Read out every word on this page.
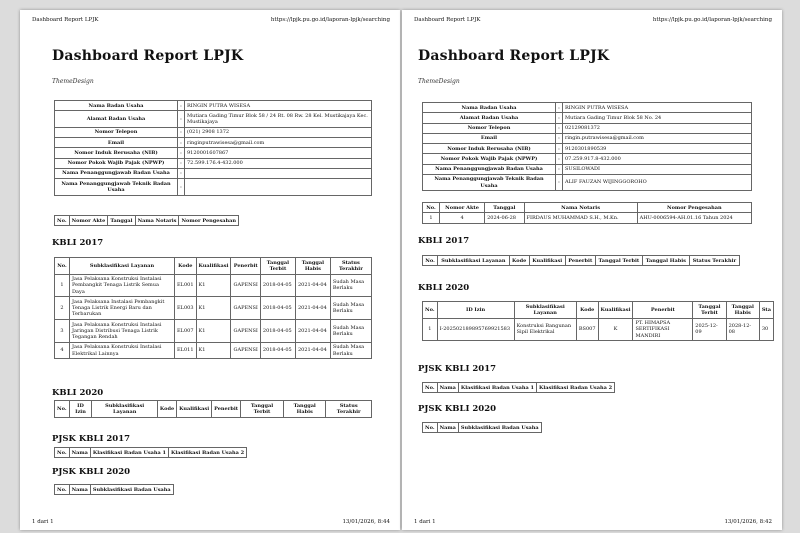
Dashboard Report LPJK	https://lpjk.pu.go.id/laporan-lpjk/searching
Dashboard Report LPJK
ThemeDesign
Nama Badan Usaha	:	RINGIN PUTRA WISESA
Alamat Badan Usaha	:	Mutiara Gading Timur Blok 58 / 24 Rt. 08 Rw. 28 Kel. Mustikajaya Kec. Mustikajaya
Nomor Telepon	:	(021) 2908 1372
Email	:	ringinputrawisesa@gmail.com
Nomor Induk Berusaha (NIB)	:	9120001607867
Nomor Pokok Wajib Pajak (NPWP)	:	72.599.176.4-432.000
Nama Penanggungjawab Badan Usaha	:	
Nama Penanggungjawab Teknik Badan Usaha	:	
No.	Nomor Akte	Tanggal	Nama Notaris	Nomor Pengesahan
KBLI 2017
No.	Subklasifikasi Layanan	Kode	Kualifikasi	Penerbit	Tanggal Terbit	Tanggal Habis	Status Terakhir
1	Jasa Pelaksana Konstruksi Instalasi Pembangkit Tenaga Listrik Semua Daya	EL001	K1	GAPENSI	2018-04-05	2021-04-04	Sudah Masa Berlaku
2	Jasa Pelaksana Instalasi Pembangkit Tenaga Listrik Energi Baru dan Terbarukan	EL003	K1	GAPENSI	2018-04-05	2021-04-04	Sudah Masa Berlaku
3	Jasa Pelaksana Konstruksi Instalasi Jaringan Distribusi Tenaga Listrik Tegangan Rendah	EL007	K1	GAPENSI	2018-04-05	2021-04-04	Sudah Masa Berlaku
4	Jasa Pelaksana Konstruksi Instalasi Elektrikal Lainnya	EL011	K1	GAPENSI	2018-04-05	2021-04-04	Sudah Masa Berlaku
KBLI 2020
No.	ID Izin	Subklasifikasi Layanan	Kode	Kualifikasi	Penerbit	Tanggal Terbit	Tanggal Habis	Status Terakhir
PJSK KBLI 2017
No.	Nama	Klasifikasi Badan Usaha 1	Klasifikasi Badan Usaha 2
PJSK KBLI 2020
No.	Nama	Subklasifikasi Badan Usaha
1 dari 1	13/01/2026, 8:44
Dashboard Report LPJK	https://lpjk.pu.go.id/laporan-lpjk/searching
Dashboard Report LPJK
ThemeDesign
Nama Badan Usaha	:	RINGIN PUTRA WISESA
Alamat Badan Usaha	:	Mutiara Gading Timur Blok 58 No. 24
Nomor Telepon	:	02129081372
Email	:	ringin.putrawisesa@gmail.com
Nomor Induk Berusaha (NIB)	:	9120301890539
Nomor Pokok Wajib Pajak (NPWP)	:	07.259.917.8-432.000
Nama Penanggungjawab Badan Usaha	:	SUSILOWADI
Nama Penanggungjawab Teknik Badan Usaha	:	ALIF FAUZAN WIJINGGOROHO
No.	Nomor Akte	Tanggal	Nama Notaris	Nomor Pengesahan
1	4	2024-06-28	FIRDAUS MUHAMMAD S.H., M.Kn.	AHU-0006594-AH.01.16 Tahun 2024
KBLI 2017
No.	Subklasifikasi Layanan	Kode	Kualifikasi	Penerbit	Tanggal Terbit	Tanggal Habis	Status Terakhir
KBLI 2020
No.	ID Izin	Subklasifikasi Layanan	Kode	Kualifikasi	Penerbit	Tanggal Terbit	Tanggal Habis	Sta
1	I-202502189895769921583	Konstruksi Bangunan Sipil Elektrikal	BS007	K	PT. HIMAPSA SERTIFIKASI MANDIRI	2025-12-09	2028-12-08	30
PJSK KBLI 2017
No.	Nama	Klasifikasi Badan Usaha 1	Klasifikasi Badan Usaha 2
PJSK KBLI 2020
No.	Nama	Subklasifikasi Badan Usaha
1 dari 1	13/01/2026, 8:42
